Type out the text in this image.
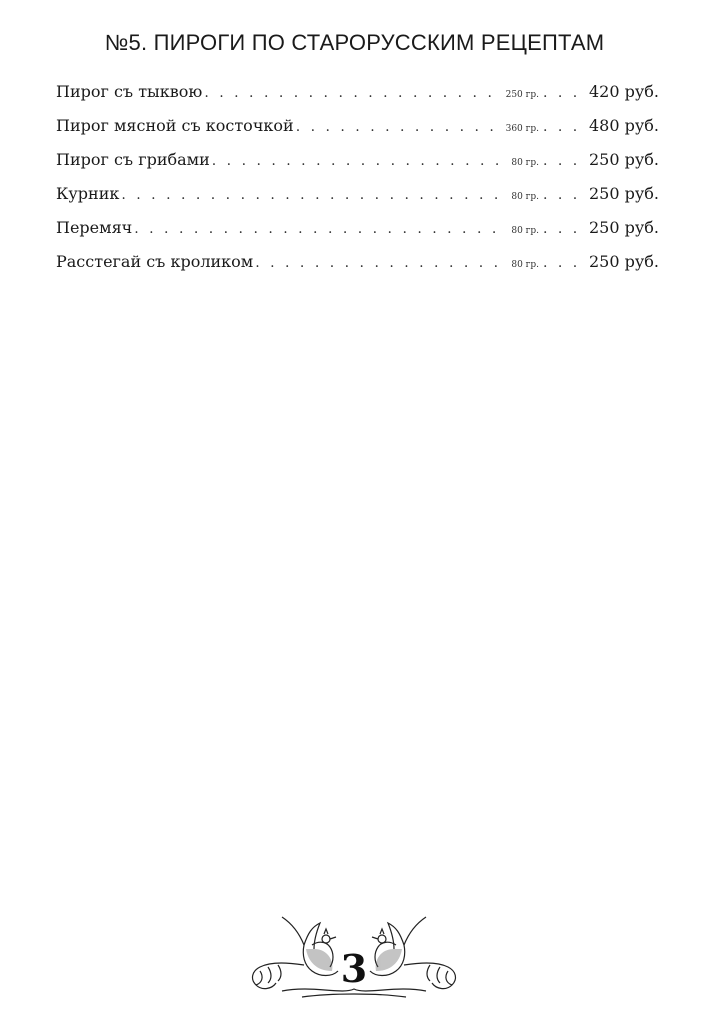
№5. ПИРОГИ ПО СТАРОРУССКИМ РЕЦЕПТАМ
Пирог съ тыквою . . .	250 гр. . . .	420 руб.
Пирог мясной съ косточкой . . .	360 гр. . . .	480 руб.
Пирог съ грибами . . .	80 гр. . . .	250 руб.
Курник . . .	80 гр. . . .	250 руб.
Перемяч . . .	80 гр. . . .	250 руб.
Расстегай съ кроликом . . .	80 гр. . . .	250 руб.
3
